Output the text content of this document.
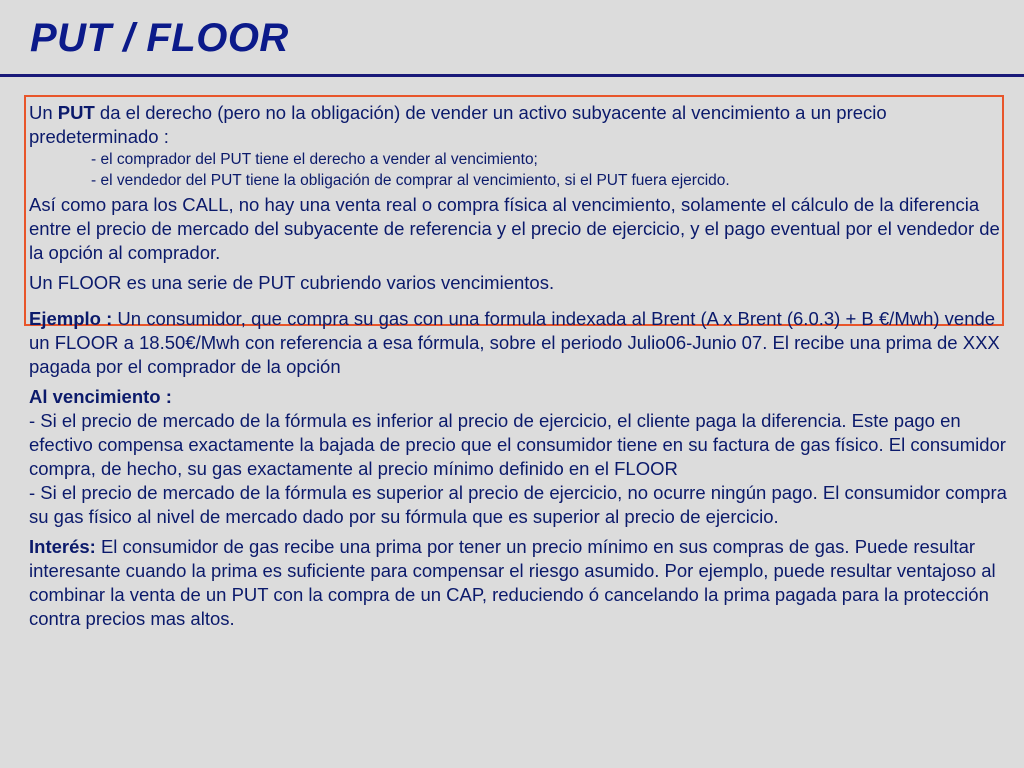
PUT / FLOOR

Un PUT da el derecho (pero no la obligación) de vender un activo subyacente al vencimiento a un precio predeterminado :

- el comprador del PUT tiene el derecho a vender al vencimiento;

- el vendedor del PUT tiene la obligación de comprar al vencimiento, si el PUT fuera ejercido.

Así como para los CALL, no hay una venta real o compra física al vencimiento, solamente el cálculo de la diferencia entre el precio de mercado del subyacente de referencia y el precio de ejercicio, y el pago eventual por el vendedor de la opción al comprador.

Un FLOOR es una serie de PUT cubriendo varios vencimientos.

Ejemplo : Un consumidor, que compra su gas con una formula indexada al Brent (A x Brent (6.0.3) + B €/Mwh) vende un FLOOR a 18.50€/Mwh con referencia a esa fórmula, sobre el periodo Julio06-Junio 07. El recibe una prima de XXX pagada por el comprador de la opción

Al vencimiento :

- Si el precio de mercado de la fórmula es inferior al precio de ejercicio, el cliente paga la diferencia. Este pago en efectivo compensa exactamente la bajada de precio que el consumidor tiene en su factura de gas físico. El consumidor compra, de hecho, su gas exactamente al precio mínimo definido en el FLOOR

- Si el precio de mercado de la fórmula es superior al precio de ejercicio, no ocurre ningún pago. El consumidor compra su gas físico al nivel de mercado dado por su fórmula que es superior al precio de ejercicio.

Interés: El consumidor de gas recibe una prima por tener un precio mínimo en sus compras de gas. Puede resultar interesante cuando la prima es suficiente para compensar el riesgo asumido. Por ejemplo, puede resultar ventajoso al combinar la venta de un PUT con la compra de un CAP, reduciendo ó cancelando la prima pagada para la protección contra precios mas altos.
